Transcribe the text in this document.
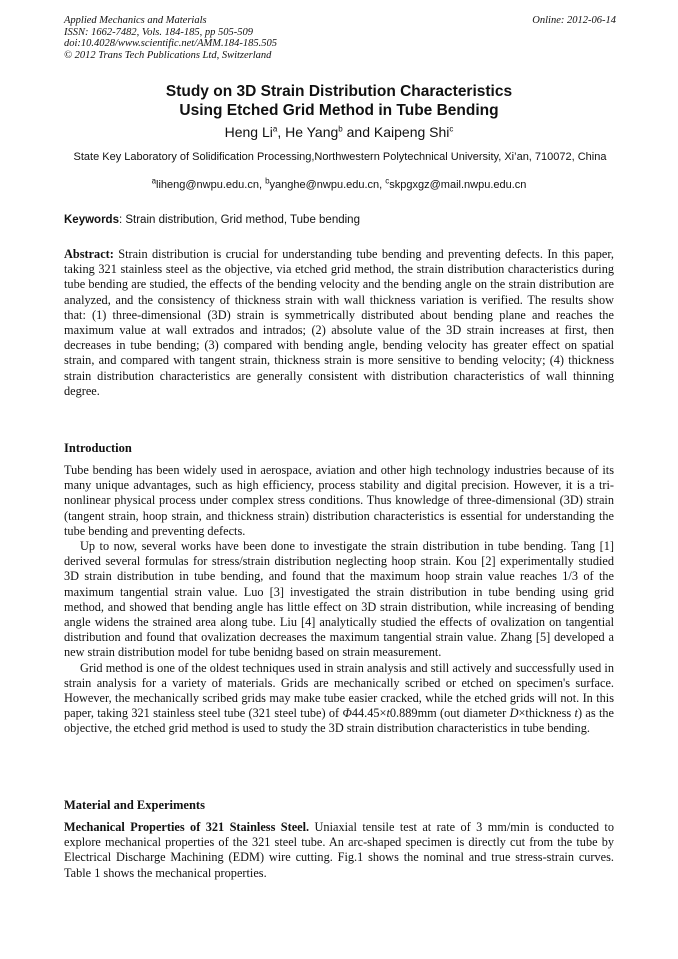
Applied Mechanics and Materials
ISSN: 1662-7482, Vols. 184-185, pp 505-509
doi:10.4028/www.scientific.net/AMM.184-185.505
© 2012 Trans Tech Publications Ltd, Switzerland
Online: 2012-06-14
Study on 3D Strain Distribution Characteristics
Using Etched Grid Method in Tube Bending
Heng Li$^a$, He Yang$^b$ and Kaipeng Shi$^c$
State Key Laboratory of Solidification Processing,Northwestern Polytechnical University, Xi’an, 710072, China
$^a$liheng@nwpu.edu.cn, $^b$yanghe@nwpu.edu.cn, $^c$skpgxgz@mail.nwpu.edu.cn
Keywords: Strain distribution, Grid method, Tube bending

Abstract: Strain distribution is crucial for understanding tube bending and preventing defects. In this paper, taking 321 stainless steel as the objective, via etched grid method, the strain distribution characteristics during tube bending are studied, the effects of the bending velocity and the bending angle on the strain distribution are analyzed, and the consistency of thickness strain with wall thickness variation is verified. The results show that: (1) three-dimensional (3D) strain is symmetrically distributed about bending plane and reaches the maximum value at wall extrados and intrados; (2) absolute value of the 3D strain increases at first, then decreases in tube bending; (3) compared with bending angle, bending velocity has greater effect on spatial strain, and compared with tangent strain, thickness strain is more sensitive to bending velocity; (4) thickness strain distribution characteristics are generally consistent with distribution characteristics of wall thinning degree.

Introduction

Tube bending has been widely used in aerospace, aviation and other high technology industries because of its many unique advantages, such as high efficiency, process stability and digital precision. However, it is a tri-nonlinear physical process under complex stress conditions. Thus knowledge of three-dimensional (3D) strain (tangent strain, hoop strain, and thickness strain) distribution characteristics is essential for understanding the tube bending and preventing defects.

Up to now, several works have been done to investigate the strain distribution in tube bending. Tang [1] derived several formulas for stress/strain distribution neglecting hoop strain. Kou [2] experimentally studied 3D strain distribution in tube bending, and found that the maximum hoop strain value reaches 1/3 of the maximum tangential strain value. Luo [3] investigated the strain distribution in tube bending using grid method, and showed that bending angle has little effect on 3D strain distribution, while increasing of bending angle widens the strained area along tube. Liu [4] analytically studied the effects of ovalization on tangential distribution and found that ovalization decreases the maximum tangential strain value. Zhang [5] developed a new strain distribution model for tube benidng based on strain measurement.

Grid method is one of the oldest techniques used in strain analysis and still actively and successfully used in strain analysis for a variety of materials. Grids are mechanically scribed or etched on specimen's surface. However, the mechanically scribed grids may make tube easier cracked, while the etched grids will not. In this paper, taking 321 stainless steel tube (321 steel tube) of Φ44.45×t0.889mm (out diameter D×thickness t) as the objective, the etched grid method is used to study the 3D strain distribution characteristics in tube bending.

Material and Experiments

Mechanical Properties of 321 Stainless Steel. Uniaxial tensile test at rate of 3 mm/min is conducted to explore mechanical properties of the 321 steel tube. An arc-shaped specimen is directly cut from the tube by Electrical Discharge Machining (EDM) wire cutting. Fig.1 shows the nominal and true stress-strain curves. Table 1 shows the mechanical properties.
